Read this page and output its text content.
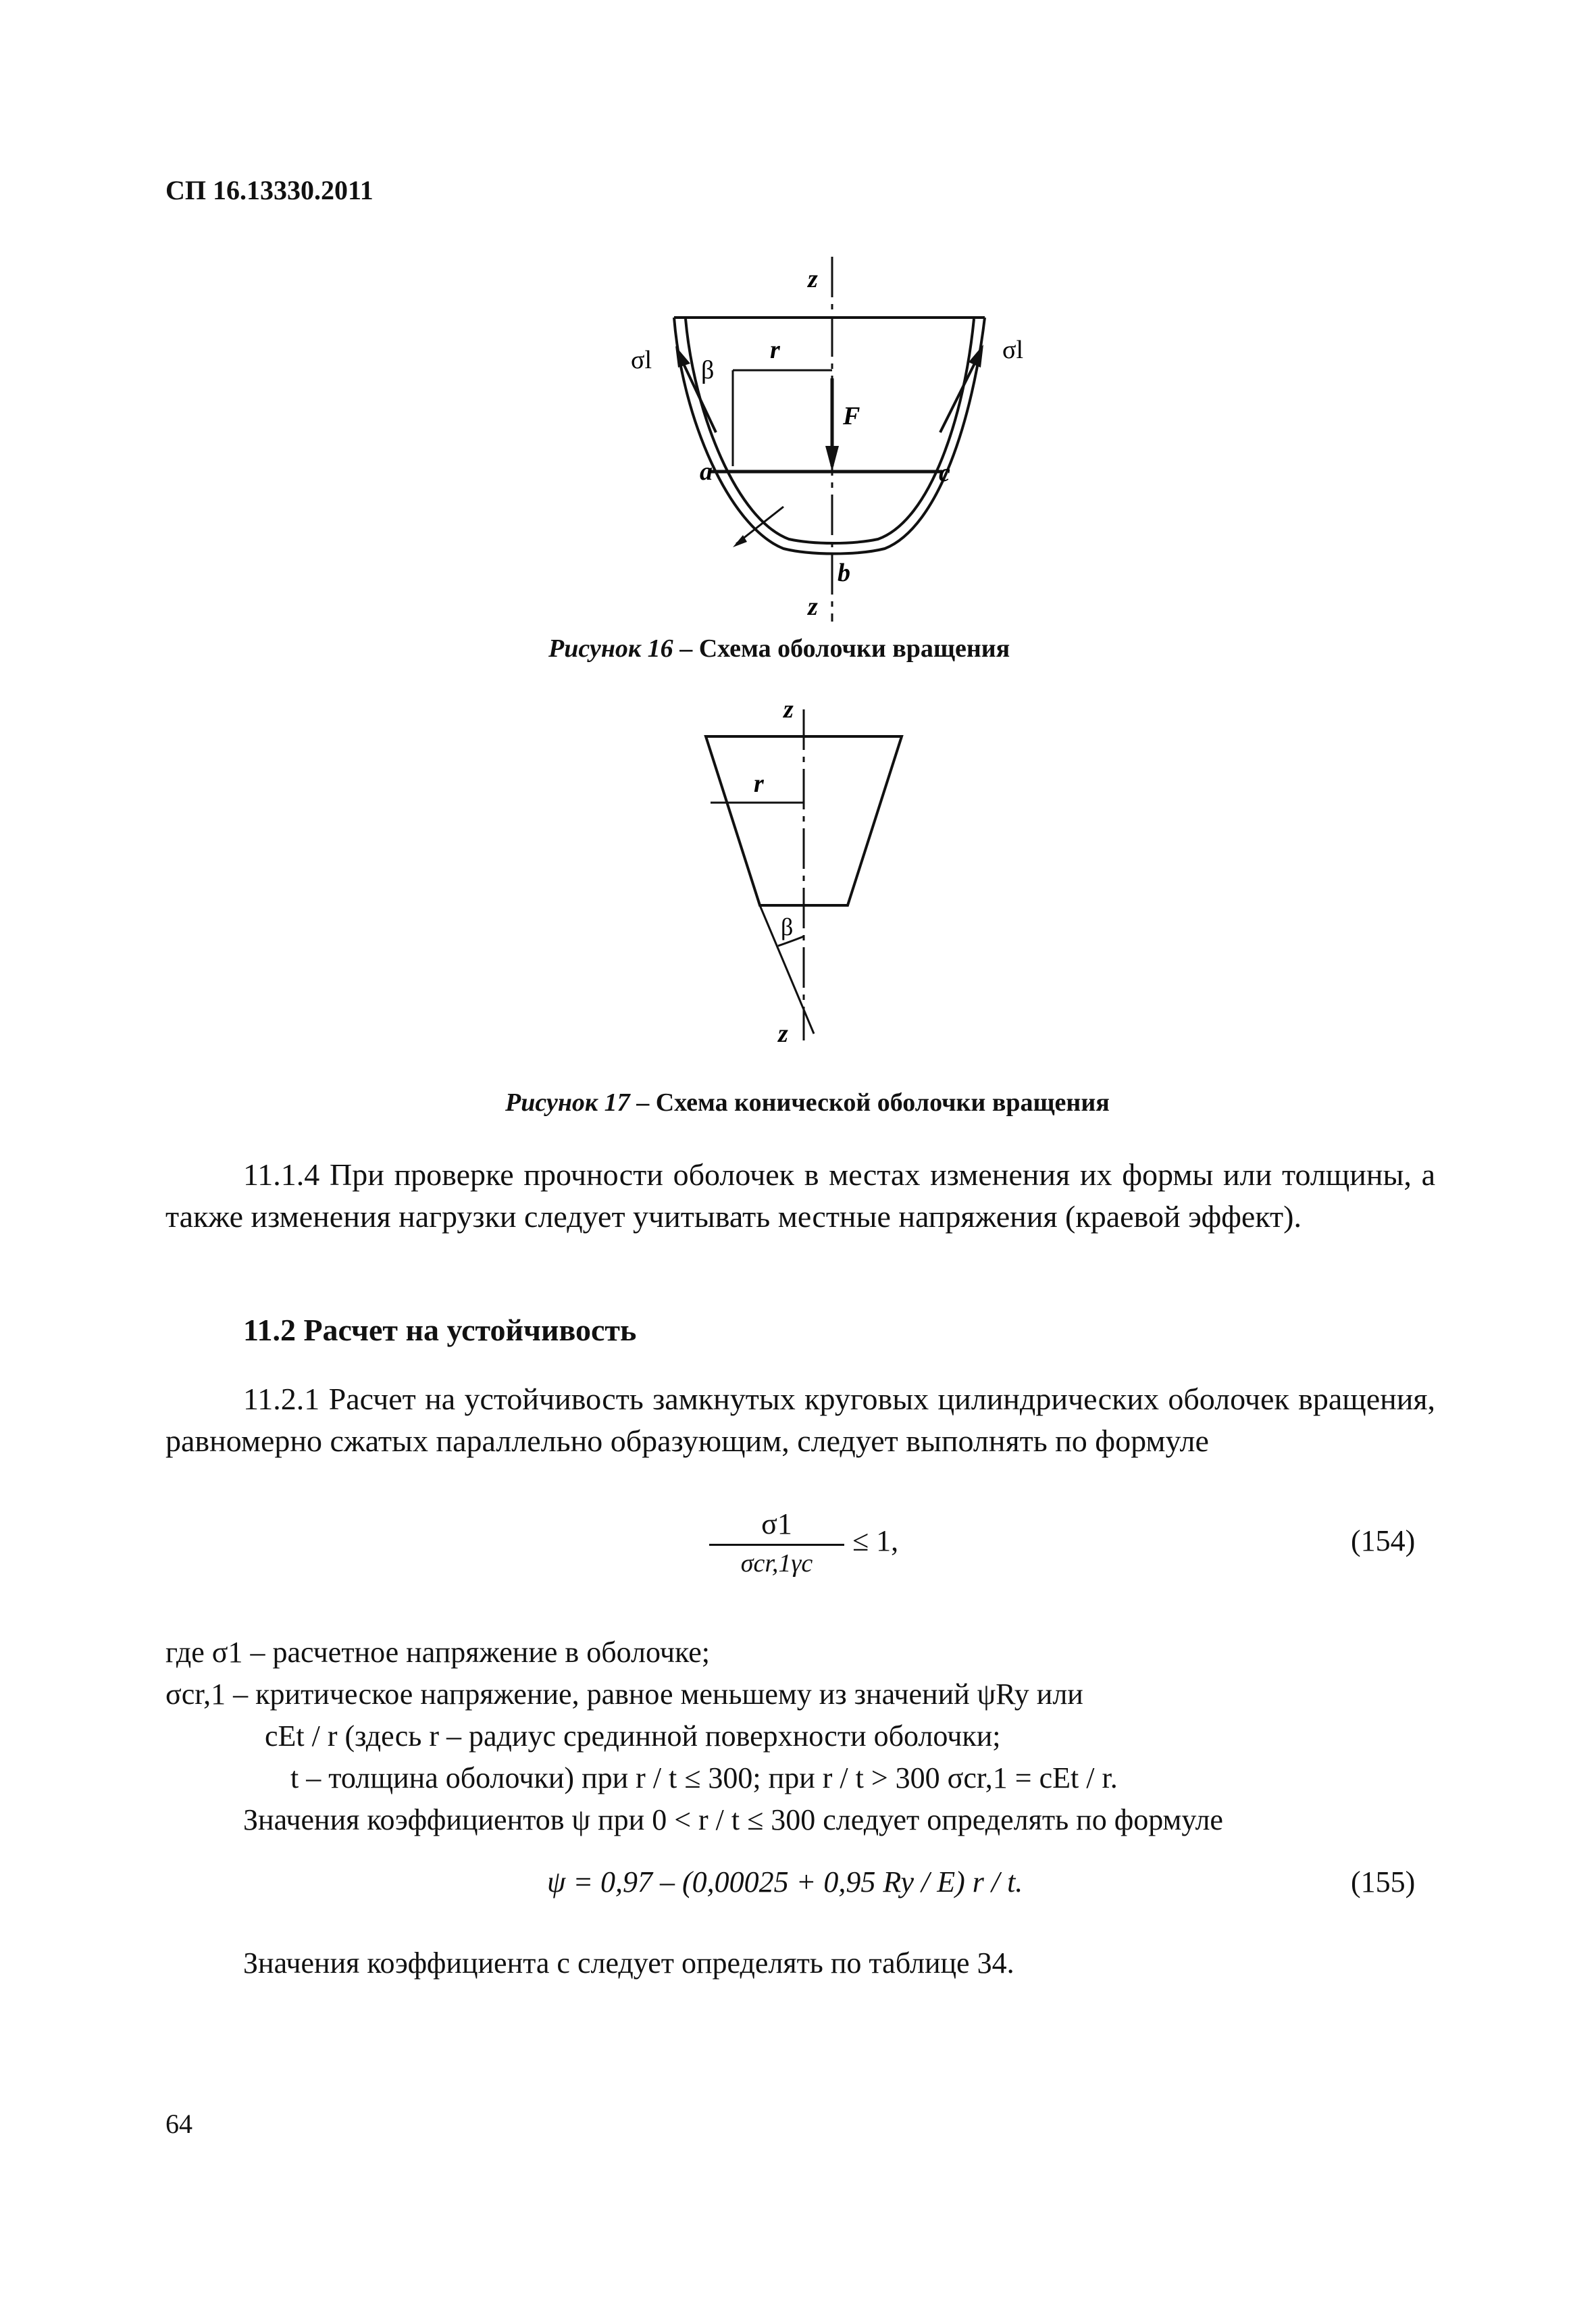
СП 16.13330.2011
z
z
σl	σl
β
r
F
a	c
b
z
z
r
β
Рисунок 16 – Схема оболочки вращения
Рисунок 17 – Схема конической оболочки вращения
11.1.4 При проверке прочности оболочек в местах изменения их формы или толщины, а также изменения нагрузки следует учитывать местные напряжения (краевой эффект).
11.2 Расчет на устойчивость
11.2.1 Расчет на устойчивость замкнутых круговых цилиндрических оболочек вращения, равномерно сжатых параллельно образующим, следует выполнять по формуле
σ1
σcr,1γc
≤ 1,	(154)
где σ1 – расчетное напряжение в оболочке;
σcr,1 – критическое напряжение, равное меньшему из значений ψRy или
cEt / r (здесь r – радиус срединной поверхности оболочки;
t – толщина оболочки) при r / t ≤ 300; при r / t > 300 σcr,1 = cEt / r.
Значения коэффициентов ψ при 0 < r / t ≤ 300 следует определять по формуле
ψ = 0,97 – (0,00025 + 0,95 Ry / E) r / t.	(155)
Значения коэффициента c следует определять по таблице 34.
64
